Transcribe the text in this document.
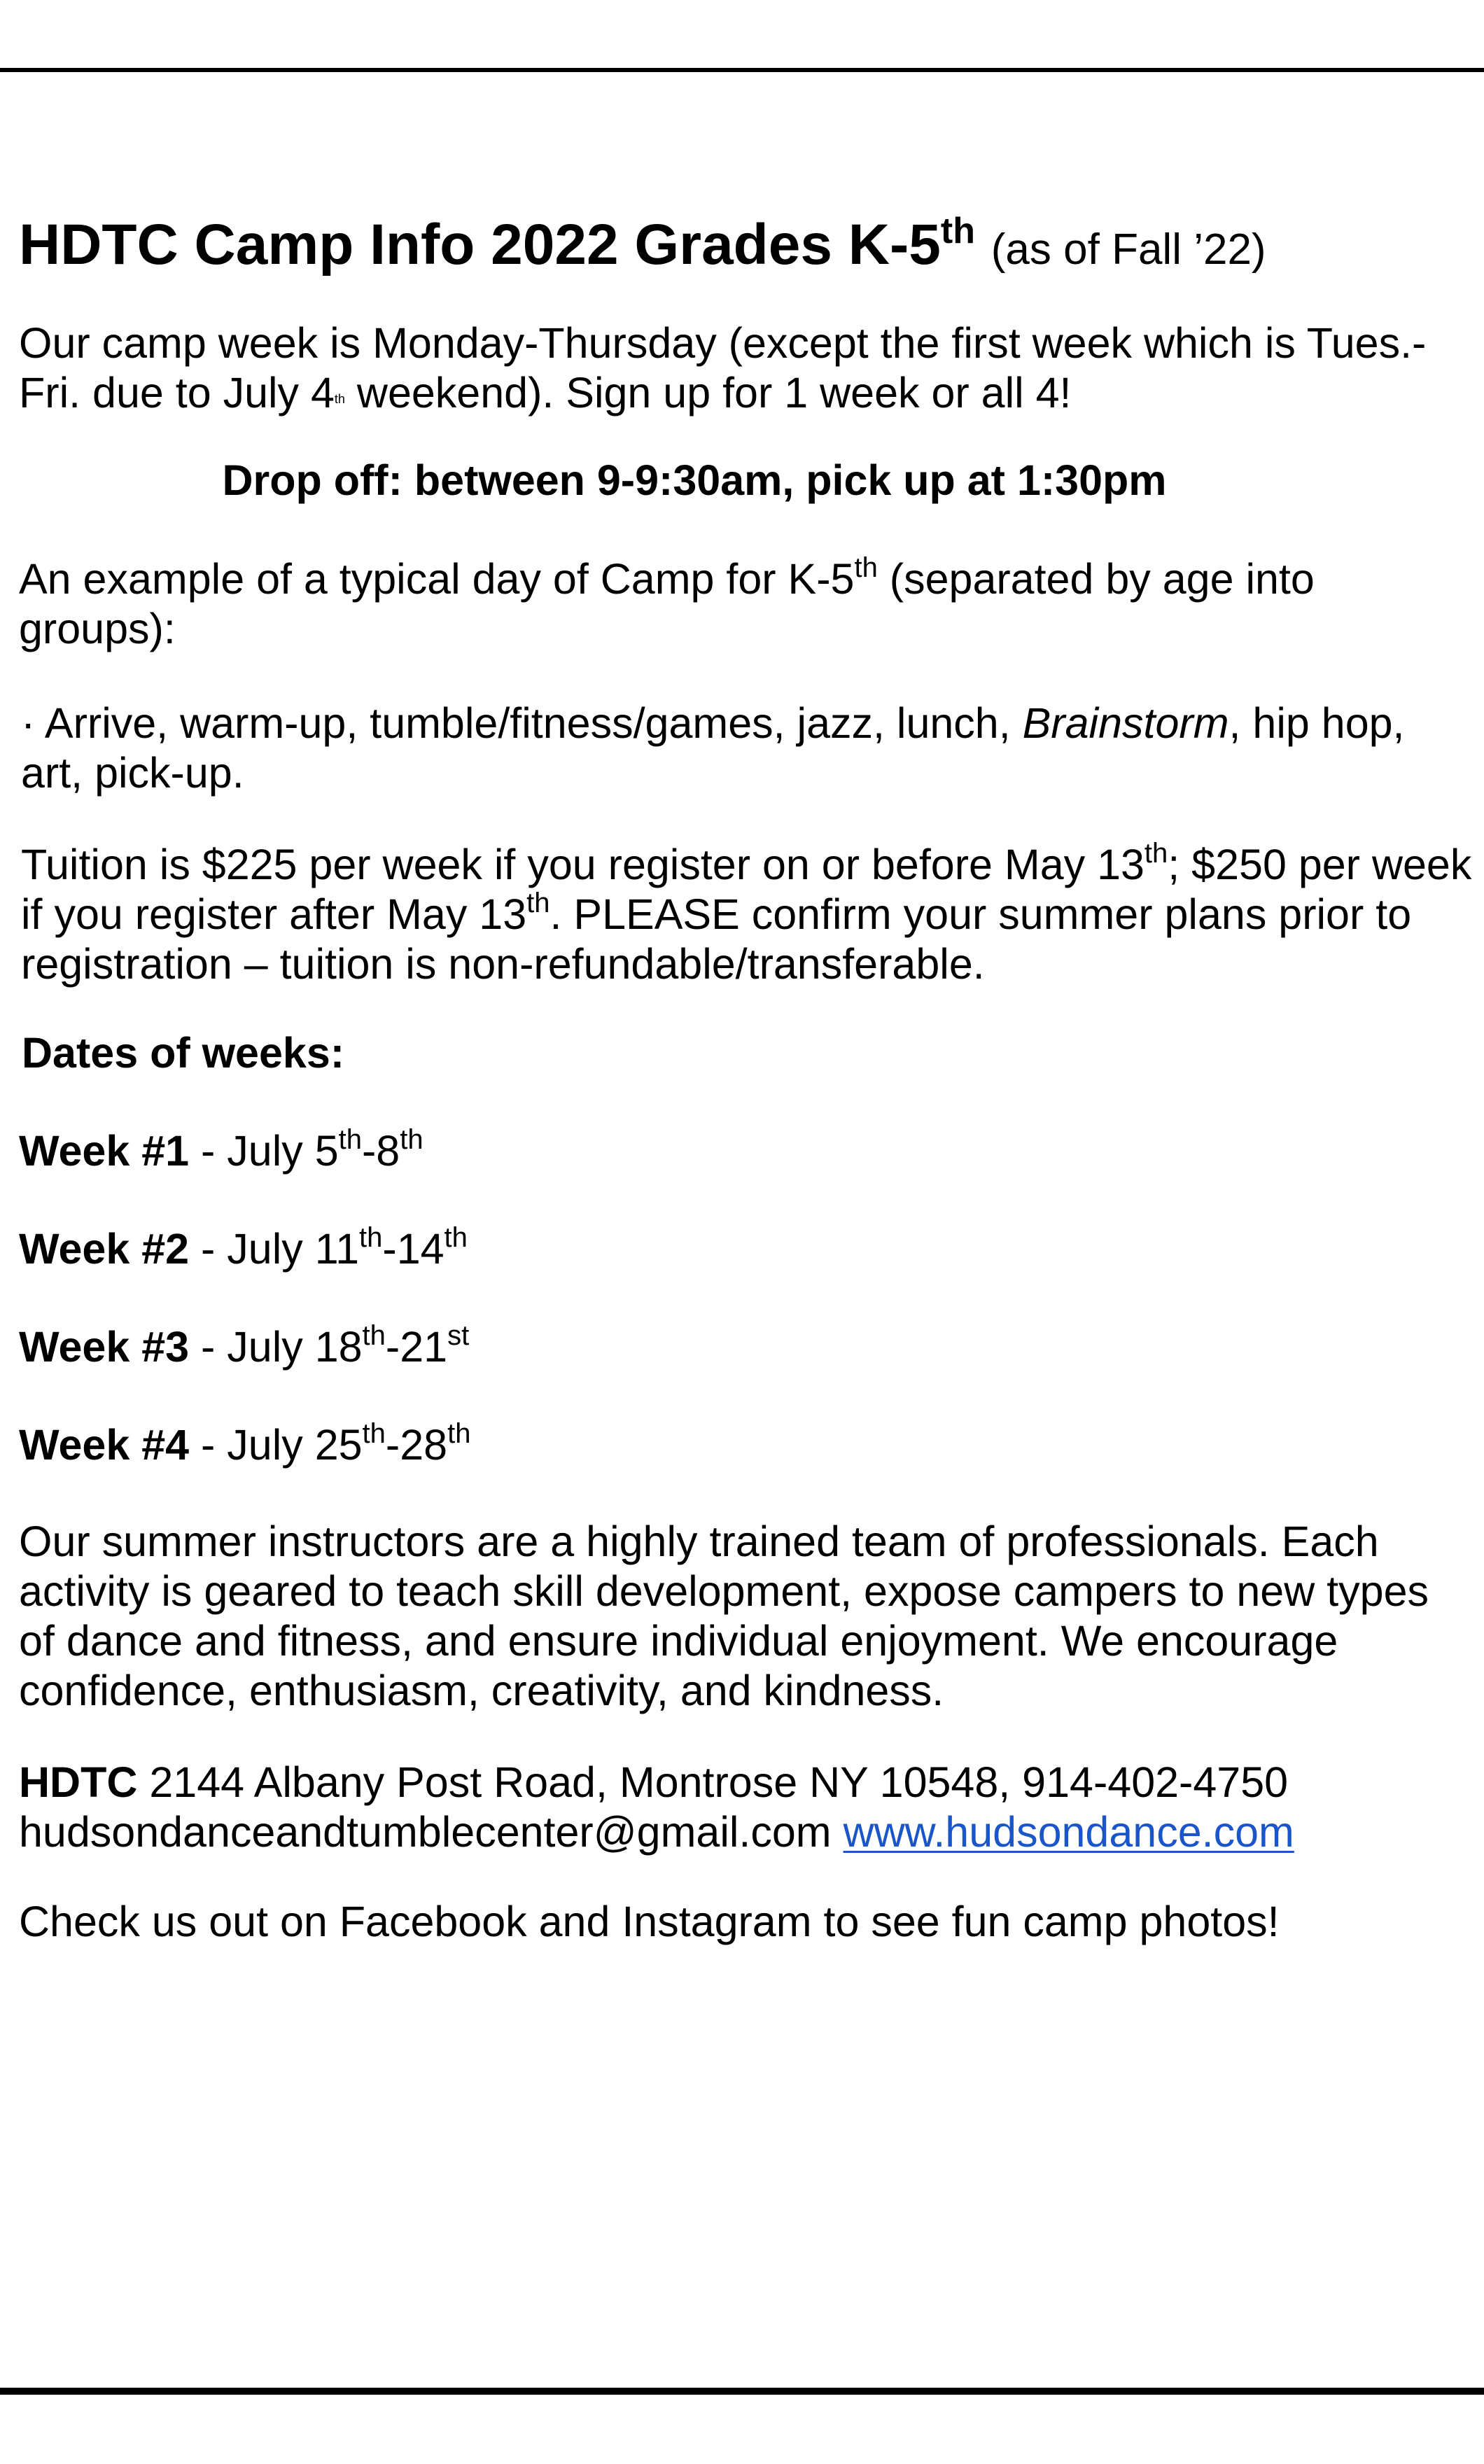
HDTC Camp Info 2022 Grades K-5th (as of Fall ’22)

Our camp week is Monday-Thursday (except the first week which is Tues.-Fri. due to July 4th weekend). Sign up for 1 week or all 4!

Drop off: between 9-9:30am, pick up at 1:30pm

An example of a typical day of Camp for K-5th (separated by age into groups):

· Arrive, warm-up, tumble/fitness/games, jazz, lunch, Brainstorm, hip hop, art, pick-up.

Tuition is $225 per week if you register on or before May 13th; $250 per week if you register after May 13th. PLEASE confirm your summer plans prior to registration – tuition is non-refundable/transferable.

Dates of weeks:

Week #1 - July 5th-8th

Week #2 - July 11th-14th

Week #3 - July 18th-21st

Week #4 - July 25th-28th

Our summer instructors are a highly trained team of professionals. Each activity is geared to teach skill development, expose campers to new types of dance and fitness, and ensure individual enjoyment. We encourage confidence, enthusiasm, creativity, and kindness.

HDTC 2144 Albany Post Road, Montrose NY 10548, 914-402-4750
hudsondanceandtumblecenter@gmail.com www.hudsondance.com

Check us out on Facebook and Instagram to see fun camp photos!
